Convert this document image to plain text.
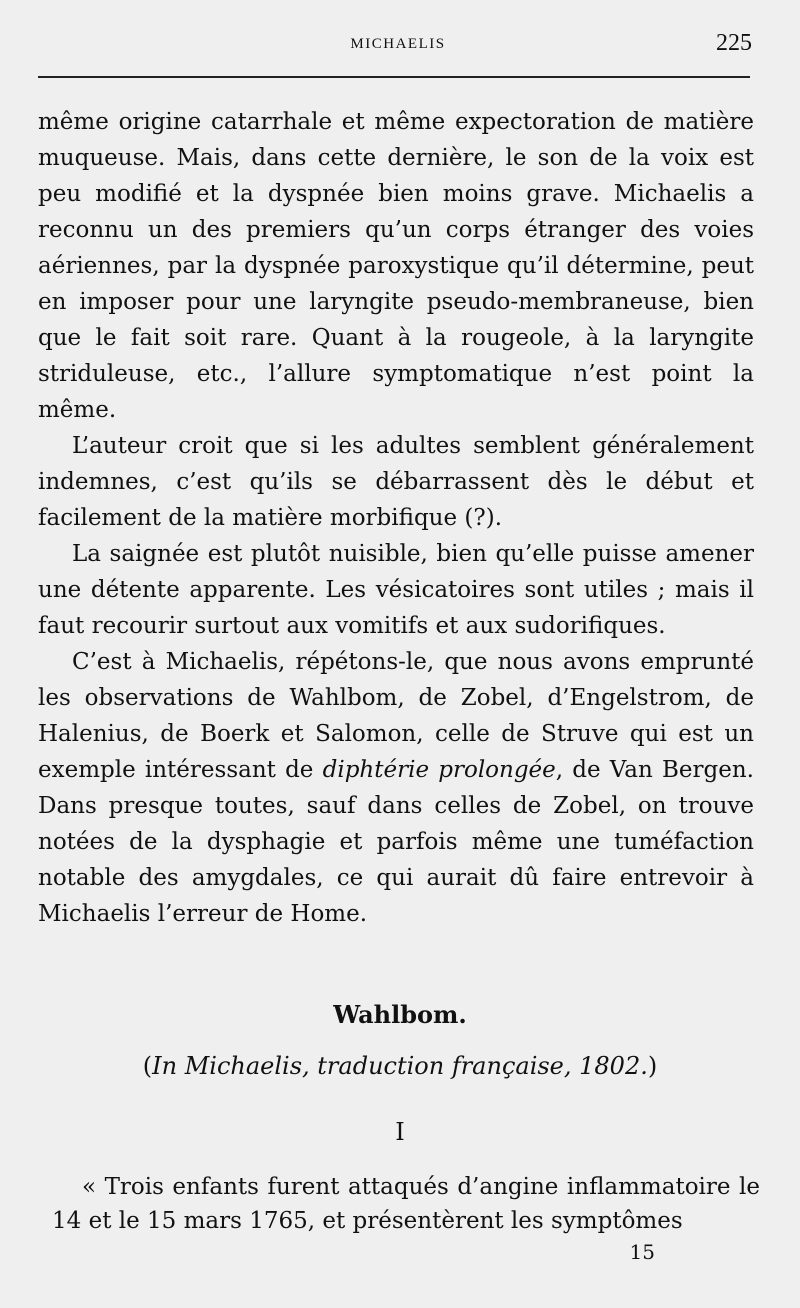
MICHAELIS	225

même origine catarrhale et même expectoration de matière muqueuse. Mais, dans cette dernière, le son de la voix est peu modifié et la dyspnée bien moins grave. Michaelis a reconnu un des premiers qu’un corps étranger des voies aériennes, par la dyspnée paroxystique qu’il détermine, peut en imposer pour une laryngite pseudo-membraneuse, bien que le fait soit rare. Quant à la rougeole, à la laryngite striduleuse, etc., l’allure symptomatique n’est point la même.

L’auteur croit que si les adultes semblent généralement indemnes, c’est qu’ils se débarrassent dès le début et facilement de la matière morbifique (?).

La saignée est plutôt nuisible, bien qu’elle puisse amener une détente apparente. Les vésicatoires sont utiles ; mais il faut recourir surtout aux vomitifs et aux sudorifiques.

C’est à Michaelis, répétons-le, que nous avons emprunté les observations de Wahlbom, de Zobel, d’Engelstrom, de Halenius, de Boerk et Salomon, celle de Struve qui est un exemple intéressant de diphtérie prolongée, de Van Bergen. Dans presque toutes, sauf dans celles de Zobel, on trouve notées de la dysphagie et parfois même une tuméfaction notable des amygdales, ce qui aurait dû faire entrevoir à Michaelis l’erreur de Home.

Wahlbom.
(In Michaelis, traduction française, 1802.)
I

« Trois enfants furent attaqués d’angine inflammatoire le 14 et le 15 mars 1765, et présentèrent les symptômes

15
